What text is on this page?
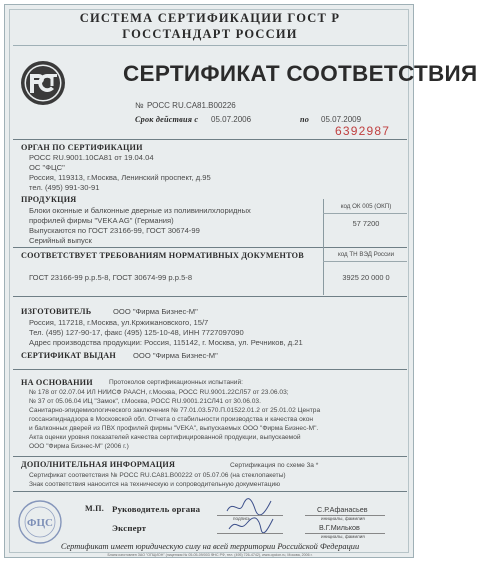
СИСТЕМА СЕРТИФИКАЦИИ ГОСТ Р
ГОССТАНДАРТ РОССИИ
СЕРТИФИКАТ СООТВЕТСТВИЯ
№ РОСС RU.CA81.B00226
Срок действия с 05.07.2006	по 05.07.2009
6392987
ОРГАН ПО СЕРТИФИКАЦИИ
РОСС RU.9001.10СА81 от 19.04.04
ОС "ФЦС"
Россия, 119313, г.Москва, Ленинский проспект, д.95
тел. (495) 991-30-91
ПРОДУКЦИЯ
Блоки оконные и балконные дверные из поливинилхлоридных
профилей фирмы "VEKA AG" (Германия)
Выпускаются по ГОСТ 23166-99, ГОСТ 30674-99
Серийный выпуск
код ОК 005 (ОКП)
57 7200
СООТВЕТСТВУЕТ ТРЕБОВАНИЯМ НОРМАТИВНЫХ ДОКУМЕНТОВ
ГОСТ 23166-99 р.р.5-8, ГОСТ 30674-99 р.р.5-8
код ТН ВЭД России
3925 20 000 0
ИЗГОТОВИТЕЛЬ	ООО "Фирма Бизнес-М"
Россия, 117218, г.Москва, ул.Кржижановского, 15/7
Тел. (495) 127-90-17, факс (495) 125-10-48, ИНН 7727097090
Адрес производства продукции: Россия, 115142, г. Москва, ул. Речников, д.21
СЕРТИФИКАТ ВЫДАН ООО "Фирма Бизнес-М"
НА ОСНОВАНИИ Протоколов сертификационных испытаний:
№ 178 от 02.07.04 ИЛ НИИСФ РААСН, г.Москва, РОСС RU.9001.22СЛ57 от 23.06.03;
№ 37 от 05.06.04 ИЦ "Замок", г.Москва, РОСС RU.9001.21СЛ41 от 30.06.03.
Санитарно-эпидемиологического заключения № 77.01.03.570.П.01522.01.2 от 25.01.02 Центра
госсанэпиднадзора в Московской обл. Отчета о стабильности производства и качества окон
и балконных дверей из ПВХ профилей фирмы "VEKA", выпускаемых ООО "Фирма Бизнес-М".
Акта оценки уровня показателей качества сертифицированной продукции, выпускаемой
ООО "Фирма Бизнес-М" (2006 г.)
ДОПОЛНИТЕЛЬНАЯ ИНФОРМАЦИЯ	Сертификация по схеме 3а *
Сертификат соответствия № РОСС RU.CA81.B00222 от 05.07.06 (на стеклопакеты)
Знак соответствия наносится на техническую и сопроводительную документацию
ФЦС
М.П. Руководитель органа
подпись
С.Р.Афанасьев
инициалы, фамилия
Эксперт	В.Г.Мильков
инициалы, фамилия
Сертификат имеет юридическую силу на всей территории Российской Федерации
Бланк изготовлен ЗАО "ОПЦИОН" (лицензия № 05-05-09/003 ФНС РФ, тел. (495) 726-4742), www.opcion.ru, Москва, 2006 г.
